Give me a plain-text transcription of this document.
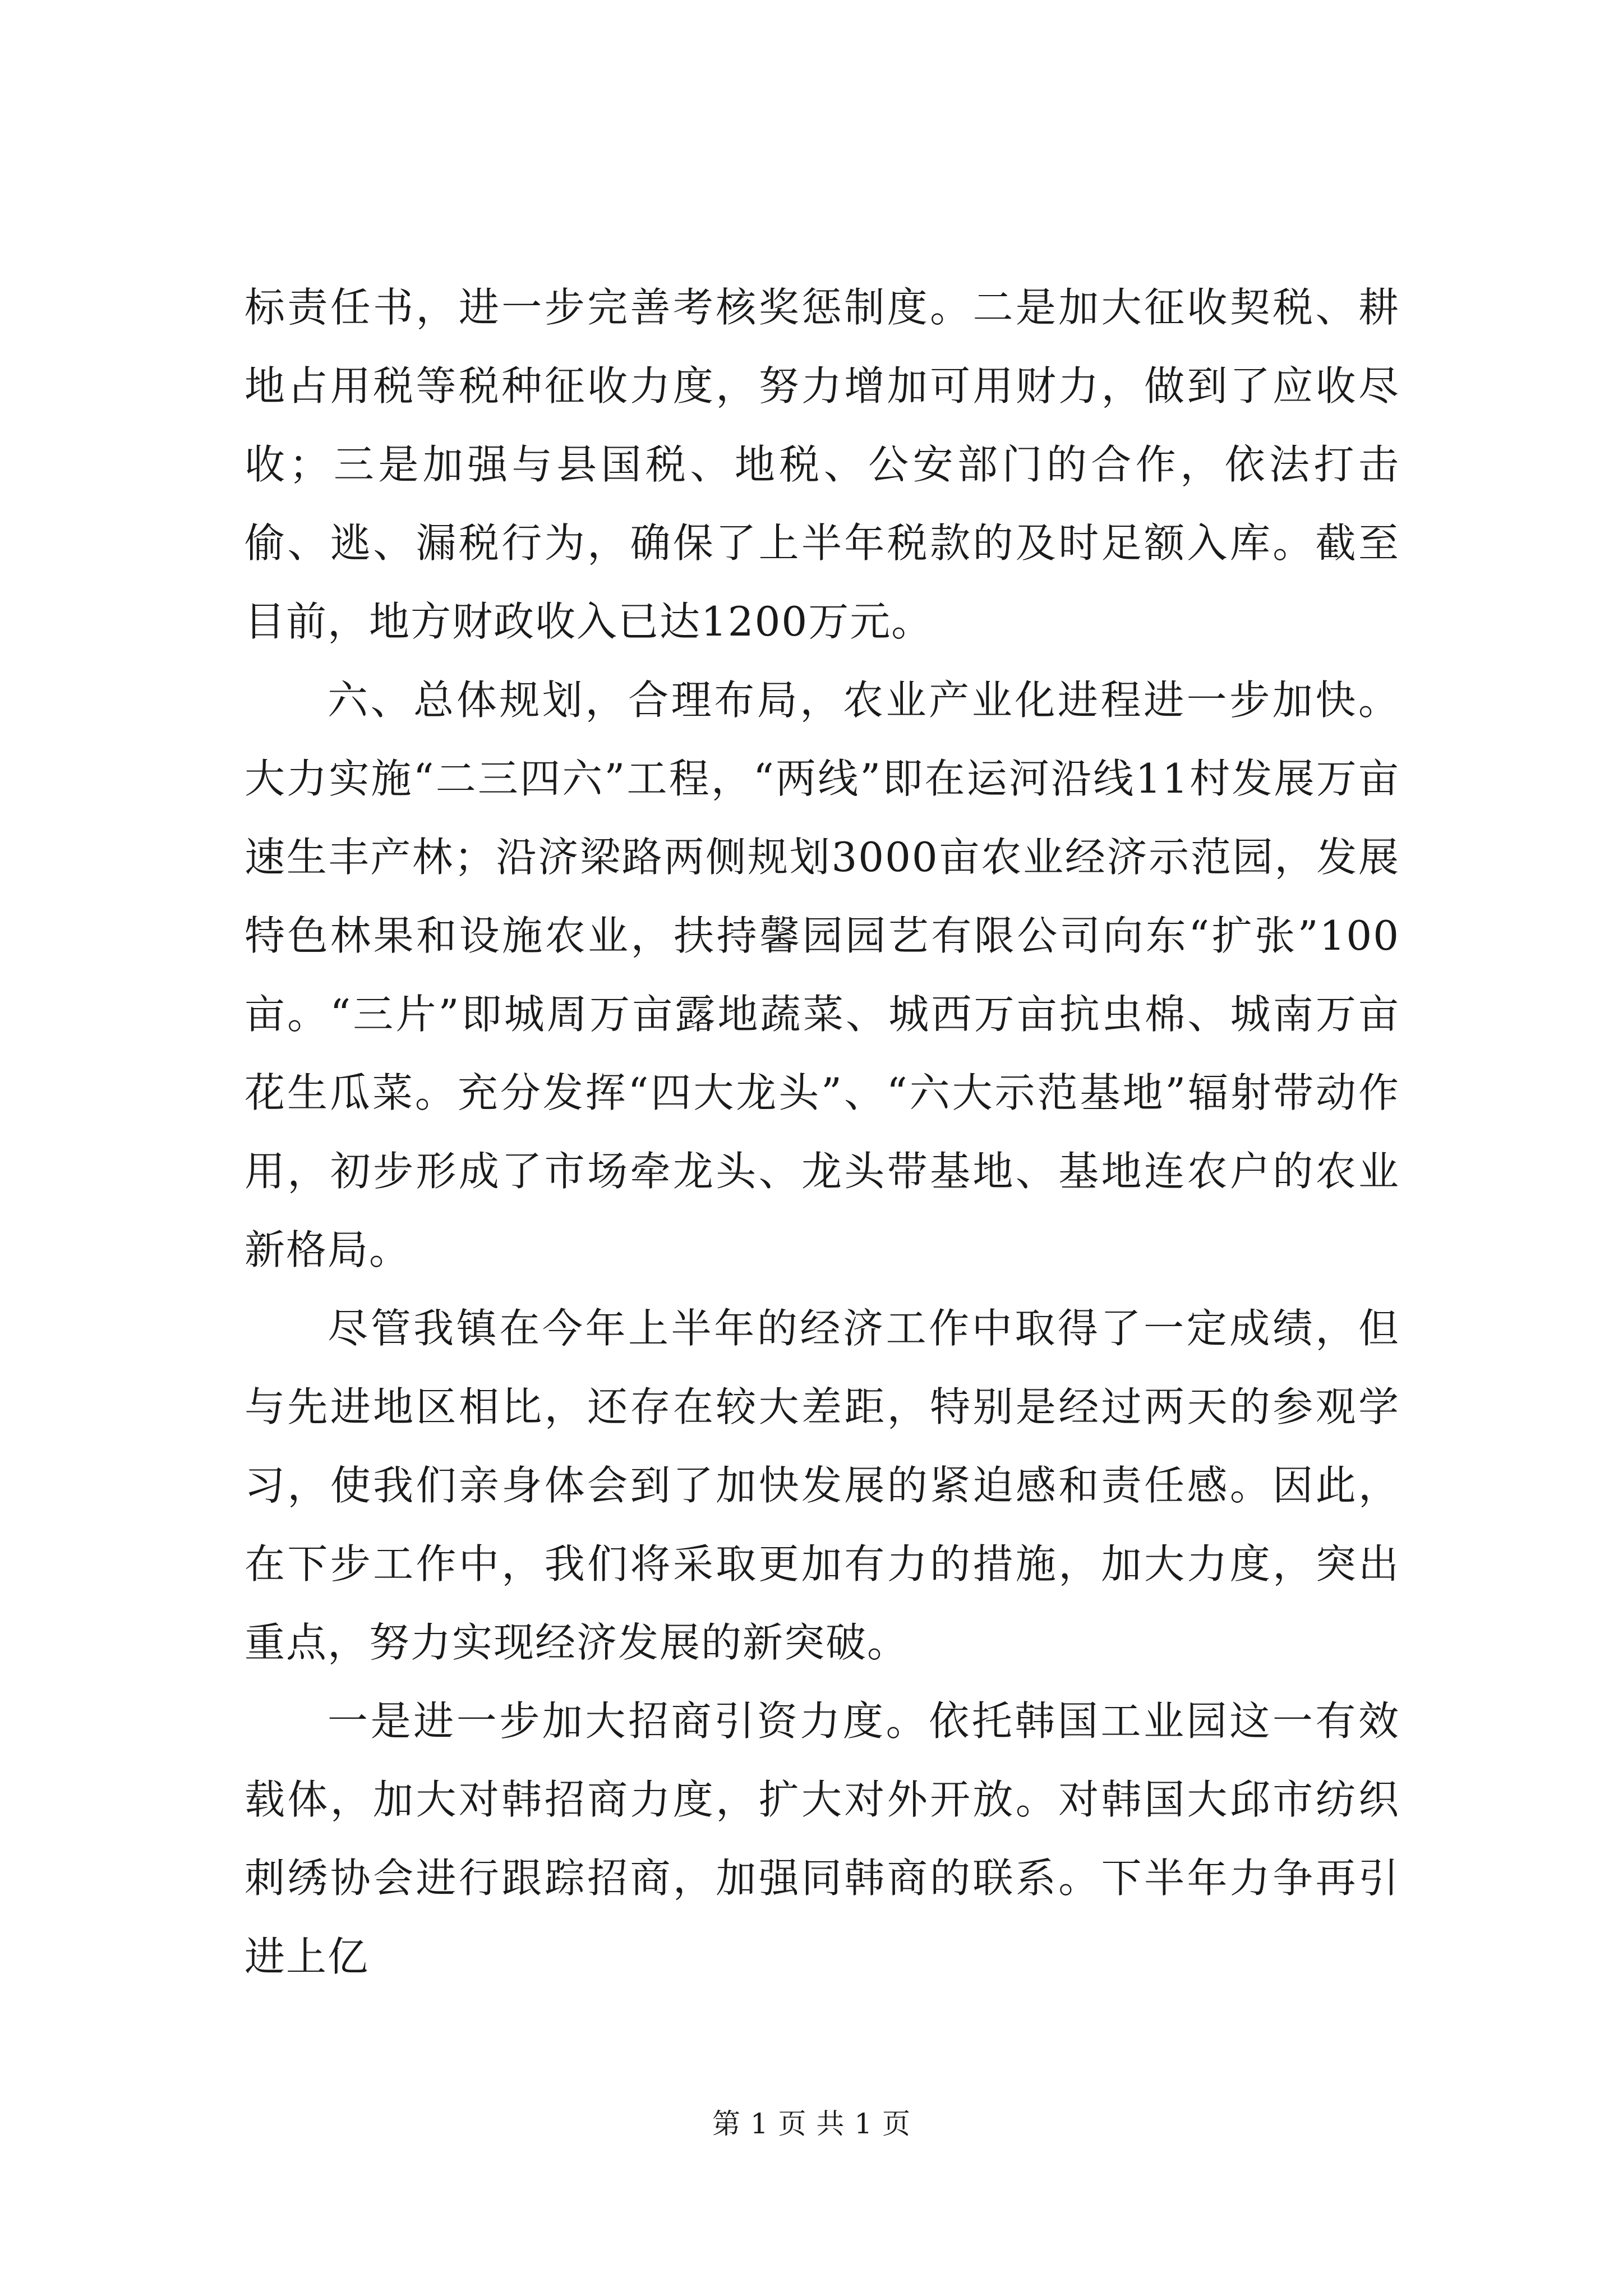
标责任书，进一步完善考核奖惩制度。二是加大征收契税、耕地占用税等税种征收力度，努力增加可用财力，做到了应收尽收；三是加强与县国税、地税、公安部门的合作，依法打击偷、逃、漏税行为，确保了上半年税款的及时足额入库。截至目前，地方财政收入已达1200万元。

六、总体规划，合理布局，农业产业化进程进一步加快。大力实施“二三四六”工程，“两线”即在运河沿线11村发展万亩速生丰产林；沿济梁路两侧规划3000亩农业经济示范园，发展特色林果和设施农业，扶持馨园园艺有限公司向东“扩张”100亩。“三片”即城周万亩露地蔬菜、城西万亩抗虫棉、城南万亩花生瓜菜。充分发挥“四大龙头”、“六大示范基地”辐射带动作用，初步形成了市场牵龙头、龙头带基地、基地连农户的农业新格局。

尽管我镇在今年上半年的经济工作中取得了一定成绩，但与先进地区相比，还存在较大差距，特别是经过两天的参观学习，使我们亲身体会到了加快发展的紧迫感和责任感。因此，在下步工作中，我们将采取更加有力的措施，加大力度，突出重点，努力实现经济发展的新突破。

一是进一步加大招商引资力度。依托韩国工业园这一有效载体，加大对韩招商力度，扩大对外开放。对韩国大邱市纺织刺绣协会进行跟踪招商，加强同韩商的联系。下半年力争再引进上亿

第 1 页 共 1 页
